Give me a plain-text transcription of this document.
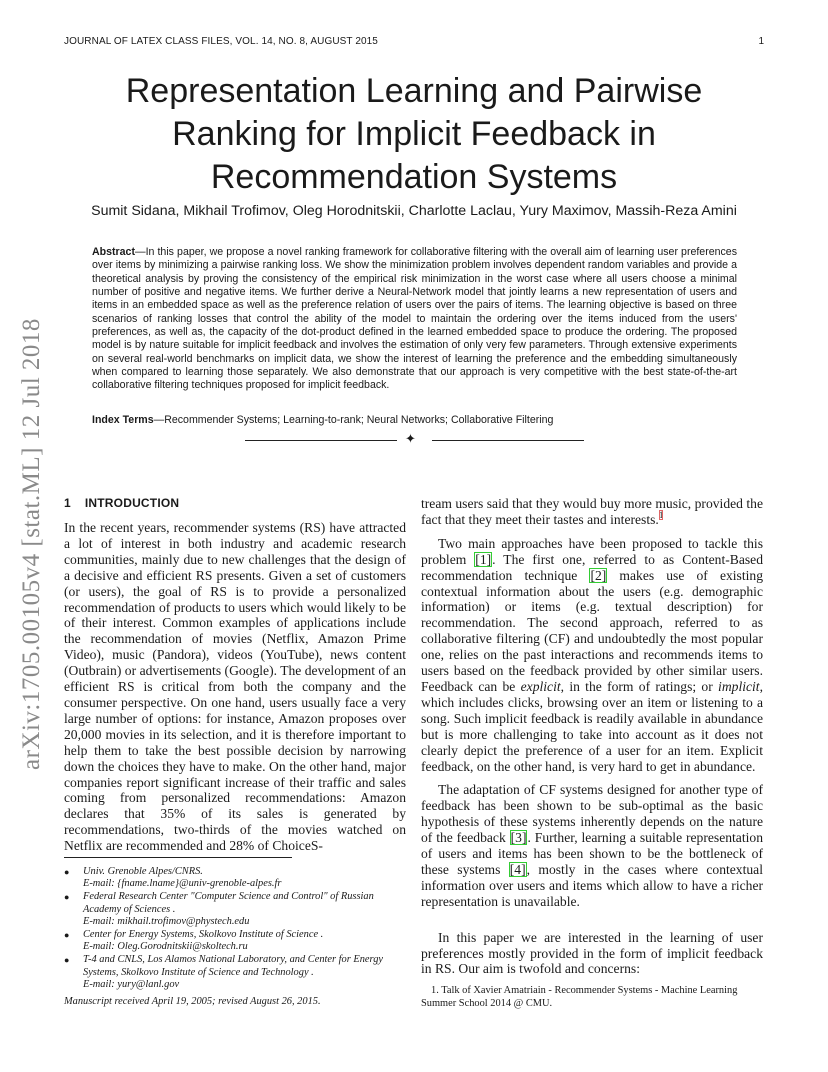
JOURNAL OF LATEX CLASS FILES, VOL. 14, NO. 8, AUGUST 2015	1
arXiv:1705.00105v4 [stat.ML] 12 Jul 2018
Representation Learning and Pairwise Ranking for Implicit Feedback in Recommendation Systems
Sumit Sidana, Mikhail Trofimov, Oleg Horodnitskii, Charlotte Laclau, Yury Maximov, Massih-Reza Amini

Abstract—In this paper, we propose a novel ranking framework for collaborative filtering with the overall aim of learning user preferences over items by minimizing a pairwise ranking loss. We show the minimization problem involves dependent random variables and provide a theoretical analysis by proving the consistency of the empirical risk minimization in the worst case where all users choose a minimal number of positive and negative items. We further derive a Neural-Network model that jointly learns a new representation of users and items in an embedded space as well as the preference relation of users over the pairs of items. The learning objective is based on three scenarios of ranking losses that control the ability of the model to maintain the ordering over the items induced from the users' preferences, as well as, the capacity of the dot-product defined in the learned embedded space to produce the ordering. The proposed model is by nature suitable for implicit feedback and involves the estimation of only very few parameters. Through extensive experiments on several real-world benchmarks on implicit data, we show the interest of learning the preference and the embedding simultaneously when compared to learning those separately. We also demonstrate that our approach is very competitive with the best state-of-the-art collaborative filtering techniques proposed for implicit feedback.

Index Terms—Recommender Systems; Learning-to-rank; Neural Networks; Collaborative Filtering

✦
1 INTRODUCTION

In the recent years, recommender systems (RS) have attracted a lot of interest in both industry and academic research communities, mainly due to new challenges that the design of a decisive and efficient RS presents. Given a set of customers (or users), the goal of RS is to provide a personalized recommendation of products to users which would likely to be of their interest. Common examples of applications include the recommendation of movies (Netflix, Amazon Prime Video), music (Pandora), videos (YouTube), news content (Outbrain) or advertisements (Google). The development of an efficient RS is critical from both the company and the consumer perspective. On one hand, users usually face a very large number of options: for instance, Amazon proposes over 20,000 movies in its selection, and it is therefore important to help them to take the best possible decision by narrowing down the choices they have to make. On the other hand, major companies report significant increase of their traffic and sales coming from personalized recommendations: Amazon declares that 35% of its sales is generated by recommendations, two-thirds of the movies watched on Netflix are recommended and 28% of ChoiceS-

tream users said that they would buy more music, provided the fact that they meet their tastes and interests.$^1$

Two main approaches have been proposed to tackle this problem [1]. The first one, referred to as Content-Based recommendation technique [2] makes use of existing contextual information about the users (e.g. demographic information) or items (e.g. textual description) for recommendation. The second approach, referred to as collaborative filtering (CF) and undoubtedly the most popular one, relies on the past interactions and recommends items to users based on the feedback provided by other similar users. Feedback can be explicit, in the form of ratings; or implicit, which includes clicks, browsing over an item or listening to a song. Such implicit feedback is readily available in abundance but is more challenging to take into account as it does not clearly depict the preference of a user for an item. Explicit feedback, on the other hand, is very hard to get in abundance.

The adaptation of CF systems designed for another type of feedback has been shown to be sub-optimal as the basic hypothesis of these systems inherently depends on the nature of the feedback [3]. Further, learning a suitable representation of users and items has been shown to be the bottleneck of these systems [4], mostly in the cases where contextual information over users and items which allow to have a richer representation is unavailable.

In this paper we are interested in the learning of user preferences mostly provided in the form of implicit feedback in RS. Our aim is twofold and concerns:

● Univ. Grenoble Alpes/CNRS.
E-mail: {fname.lname}@univ-grenoble-alpes.fr
● Federal Research Center "Computer Science and Control" of Russian
Academy of Sciences .
E-mail: mikhail.trofimov@phystech.edu
● Center for Energy Systems, Skolkovo Institute of Science .
E-mail: Oleg.Gorodnitskii@skoltech.ru
● T-4 and CNLS, Los Alamos National Laboratory, and Center for Energy
Systems, Skolkovo Institute of Science and Technology .
E-mail: yury@lanl.gov
Manuscript received April 19, 2005; revised August 26, 2015.
1. Talk of Xavier Amatriain - Recommender Systems - Machine Learning Summer School 2014 @ CMU.
